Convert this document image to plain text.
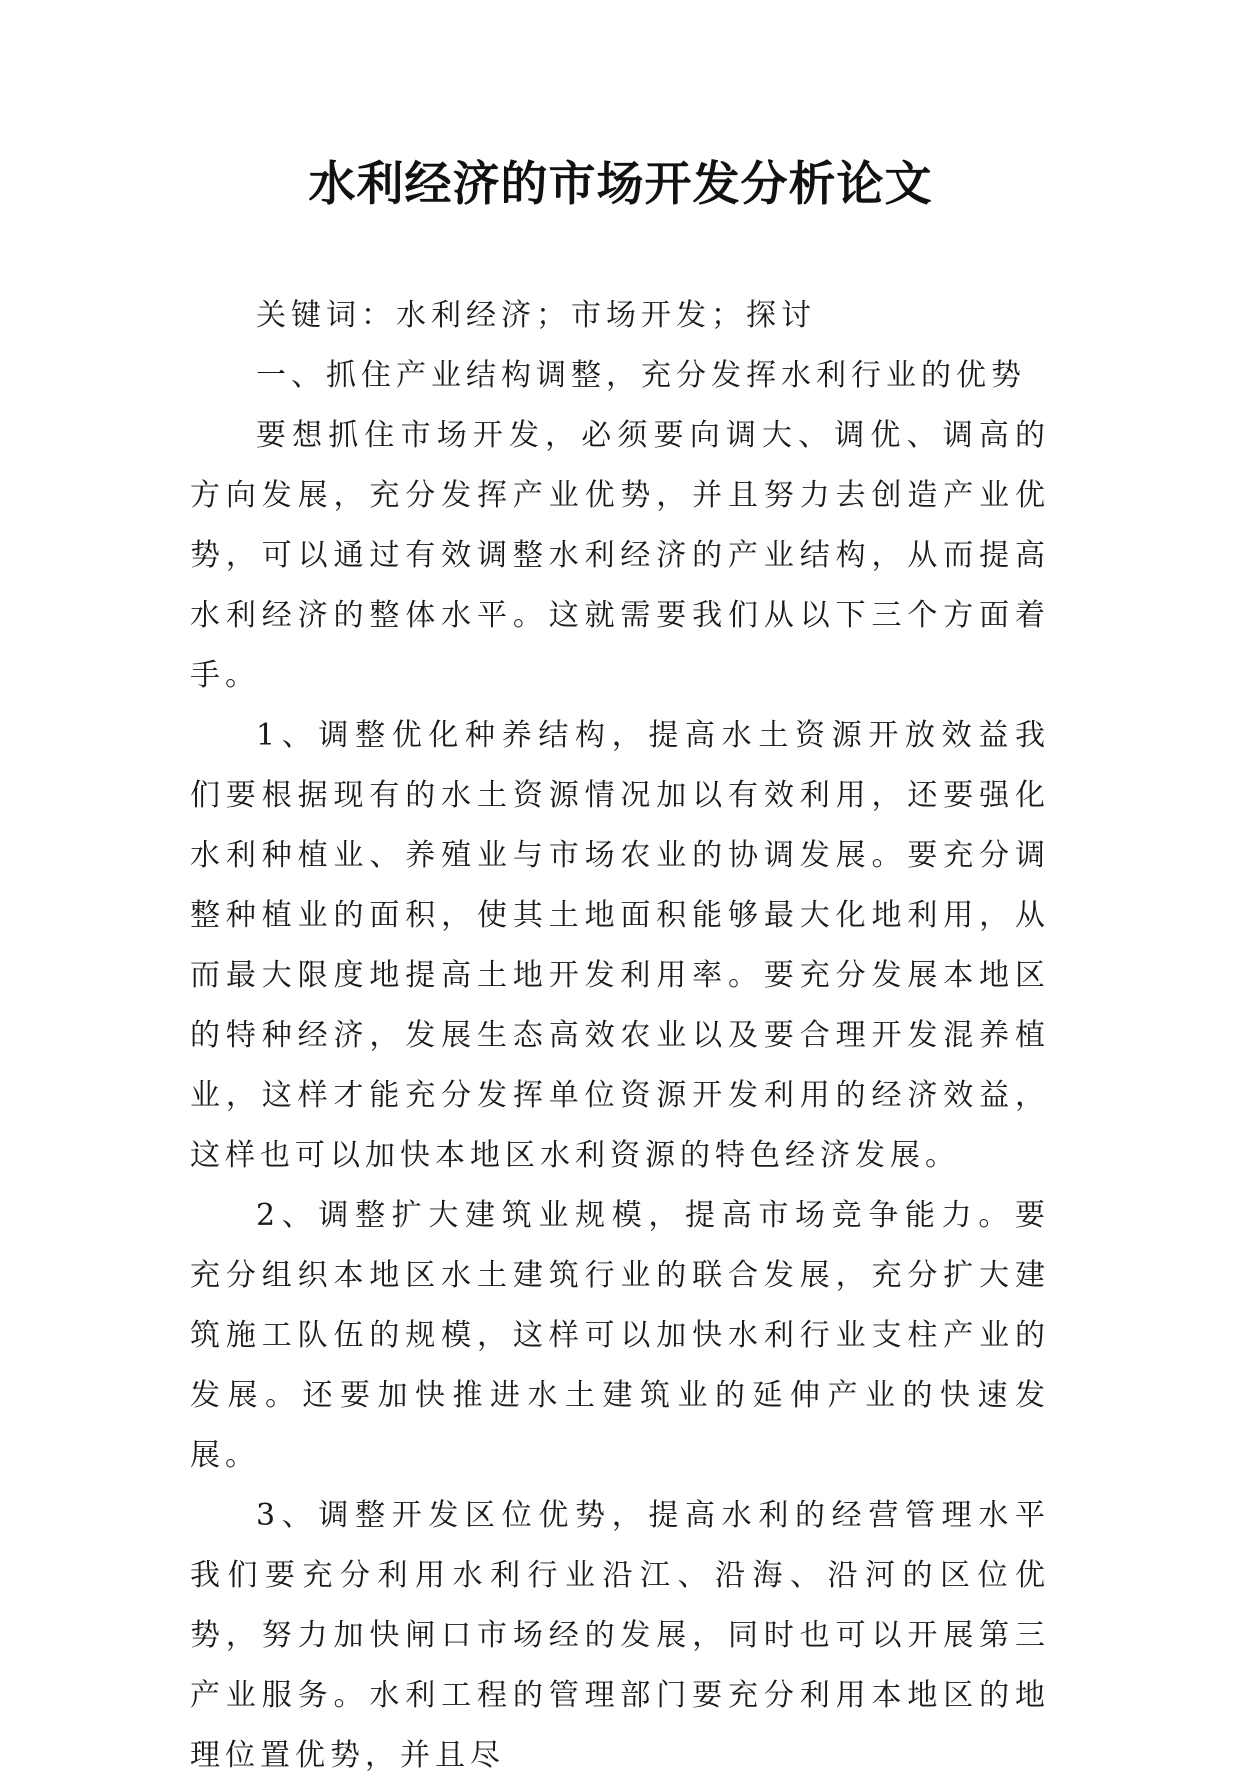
水利经济的市场开发分析论文

关键词：水利经济；市场开发；探讨

一、抓住产业结构调整，充分发挥水利行业的优势

要想抓住市场开发，必须要向调大、调优、调高的方向发展，充分发挥产业优势，并且努力去创造产业优势，可以通过有效调整水利经济的产业结构，从而提高水利经济的整体水平。这就需要我们从以下三个方面着手。

1、调整优化种养结构，提高水土资源开放效益我们要根据现有的水土资源情况加以有效利用，还要强化水利种植业、养殖业与市场农业的协调发展。要充分调整种植业的面积，使其土地面积能够最大化地利用，从而最大限度地提高土地开发利用率。要充分发展本地区的特种经济，发展生态高效农业以及要合理开发混养植业，这样才能充分发挥单位资源开发利用的经济效益，这样也可以加快本地区水利资源的特色经济发展。

2、调整扩大建筑业规模，提高市场竞争能力。要充分组织本地区水土建筑行业的联合发展，充分扩大建筑施工队伍的规模，这样可以加快水利行业支柱产业的发展。还要加快推进水土建筑业的延伸产业的快速发展。

3、调整开发区位优势，提高水利的经营管理水平我们要充分利用水利行业沿江、沿海、沿河的区位优势，努力加快闸口市场经的发展，同时也可以开展第三产业服务。水利工程的管理部门要充分利用本地区的地理位置优势，并且尽
